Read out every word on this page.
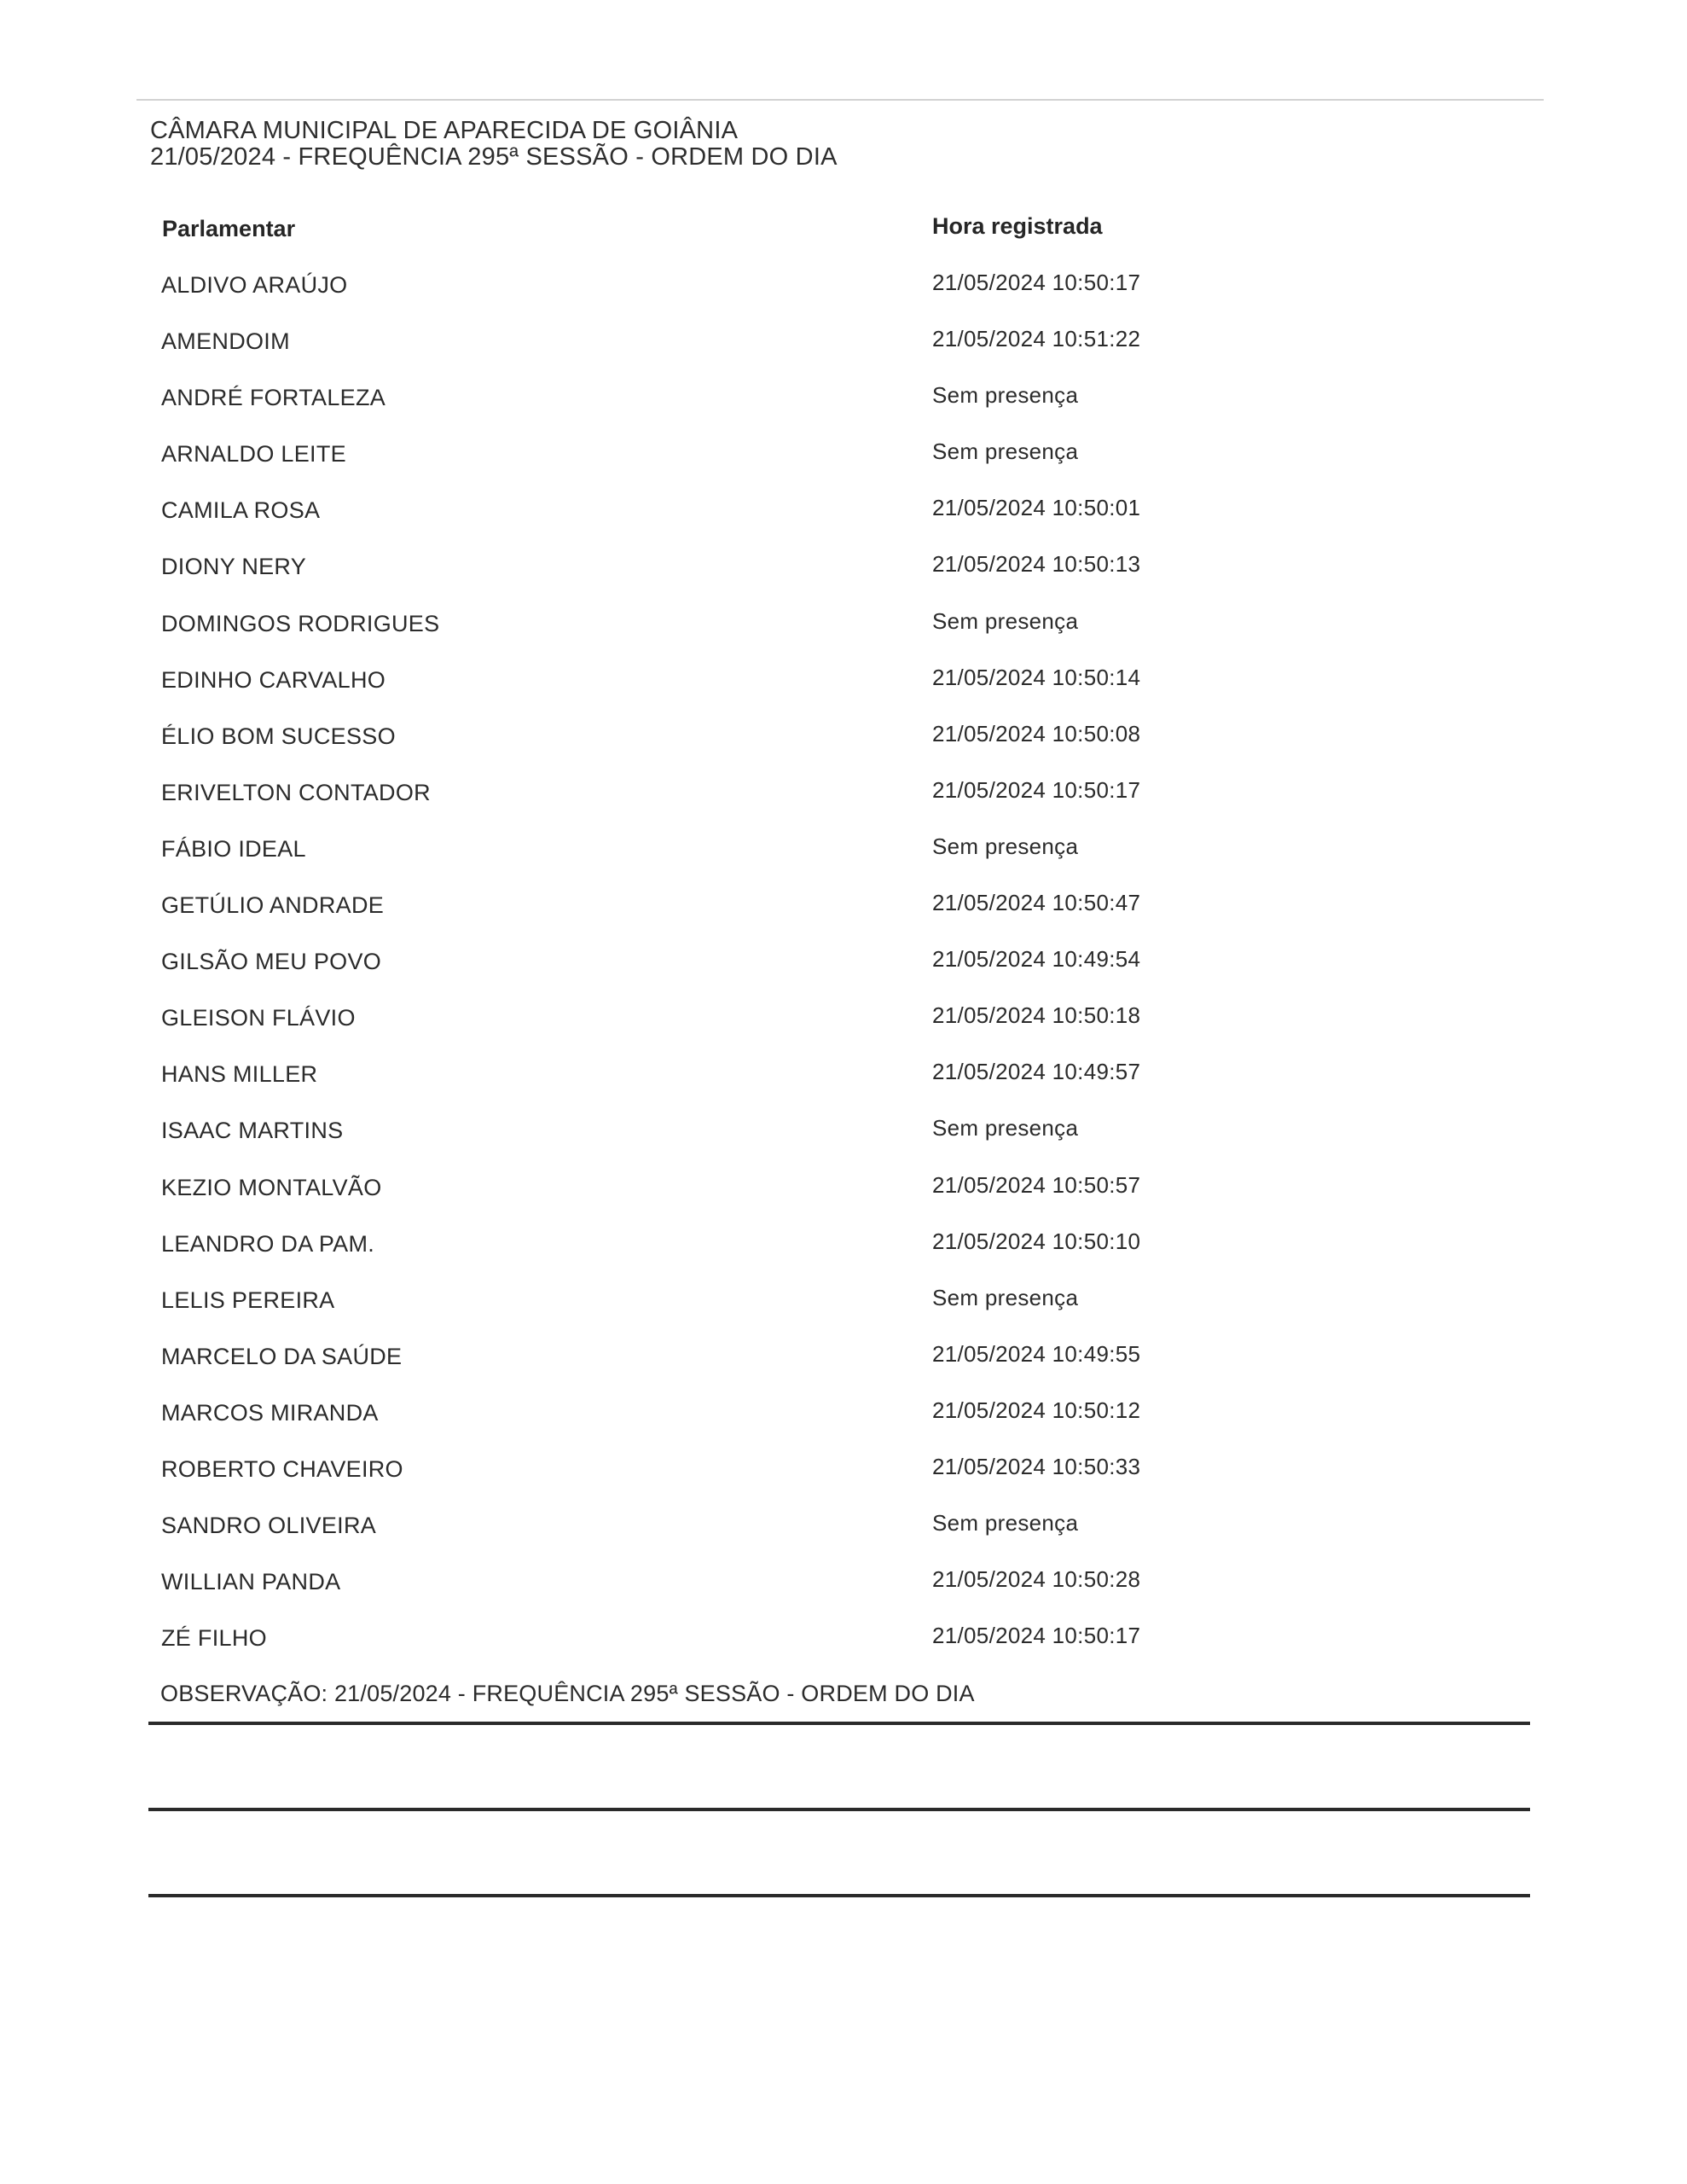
CÂMARA MUNICIPAL DE APARECIDA DE GOIÂNIA
21/05/2024 - FREQUÊNCIA 295ª SESSÃO - ORDEM DO DIA
Parlamentar	Hora registrada
ALDIVO ARAÚJO	21/05/2024 10:50:17
AMENDOIM	21/05/2024 10:51:22
ANDRÉ FORTALEZA	Sem presença
ARNALDO LEITE	Sem presença
CAMILA ROSA	21/05/2024 10:50:01
DIONY NERY	21/05/2024 10:50:13
DOMINGOS RODRIGUES	Sem presença
EDINHO CARVALHO	21/05/2024 10:50:14
ÉLIO BOM SUCESSO	21/05/2024 10:50:08
ERIVELTON CONTADOR	21/05/2024 10:50:17
FÁBIO IDEAL	Sem presença
GETÚLIO ANDRADE	21/05/2024 10:50:47
GILSÃO MEU POVO	21/05/2024 10:49:54
GLEISON FLÁVIO	21/05/2024 10:50:18
HANS MILLER	21/05/2024 10:49:57
ISAAC MARTINS	Sem presença
KEZIO MONTALVÃO	21/05/2024 10:50:57
LEANDRO DA PAM.	21/05/2024 10:50:10
LELIS PEREIRA	Sem presença
MARCELO DA SAÚDE	21/05/2024 10:49:55
MARCOS MIRANDA	21/05/2024 10:50:12
ROBERTO CHAVEIRO	21/05/2024 10:50:33
SANDRO OLIVEIRA	Sem presença
WILLIAN PANDA	21/05/2024 10:50:28
ZÉ FILHO	21/05/2024 10:50:17
OBSERVAÇÃO: 21/05/2024 - FREQUÊNCIA 295ª SESSÃO - ORDEM DO DIA
